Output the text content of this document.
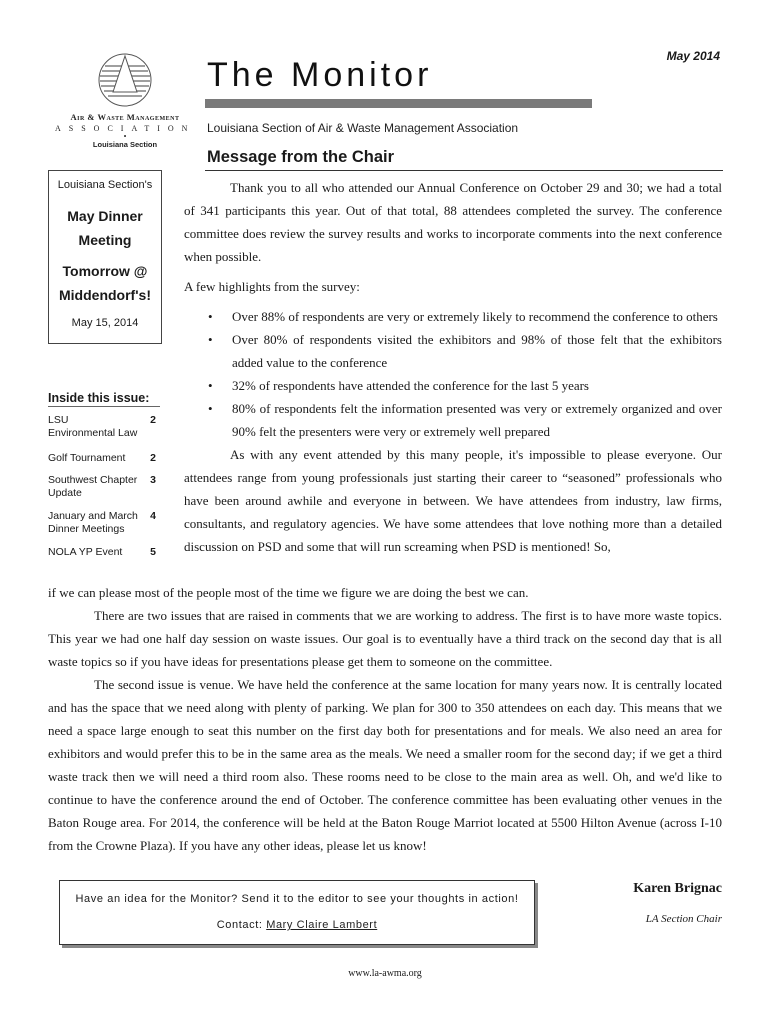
Air & Waste Management
ASSOCIATION
•
Louisiana Section
The Monitor
Louisiana Section of Air & Waste Management Association
May 2014
Message from the Chair
Louisiana Section's
May Dinner
Meeting
Tomorrow @
Middendorf's!
May 15, 2014
Inside this issue:
LSU Environmental Law
2
Golf Tournament 2
Southwest Chapter Update
3
January and March Dinner Meetings
4
NOLA YP Event	5

Thank you to all who attended our Annual Conference on October 29 and 30; we had a total of 341 participants this year. Out of that total, 88 attendees completed the survey. The conference committee does review the survey results and works to incorporate comments into the next conference when possible.

A few highlights from the survey:

• Over 88% of respondents are very or extremely likely to recommend the conference to others
• Over 80% of respondents visited the exhibitors and 98% of those felt that the exhibitors added value to the conference
• 32% of respondents have attended the conference for the last 5 years
• 80% of respondents felt the information presented was very or extremely organized and over 90% felt the presenters were very or extremely well prepared

As with any event attended by this many people, it's impossible to please everyone. Our attendees range from young professionals just starting their career to “seasoned” professionals who have been around awhile and everyone in between. We have attendees from industry, law firms, consultants, and regulatory agencies. We have some attendees that love nothing more than a detailed discussion on PSD and some that will run screaming when PSD is mentioned! So,

if we can please most of the people most of the time we figure we are doing the best we can.

There are two issues that are raised in comments that we are working to address. The first is to have more waste topics. This year we had one half day session on waste issues. Our goal is to eventually have a third track on the second day that is all waste topics so if you have ideas for presentations please get them to someone on the committee.

The second issue is venue. We have held the conference at the same location for many years now. It is centrally located and has the space that we need along with plenty of parking. We plan for 300 to 350 attendees on each day. This means that we need a space large enough to seat this number on the first day both for presentations and for meals. We also need an area for exhibitors and would prefer this to be in the same area as the meals. We need a smaller room for the second day; if we get a third waste track then we will need a third room also. These rooms need to be close to the main area as well. Oh, and we'd like to continue to have the conference around the end of October. The conference committee has been evaluating other venues in the Baton Rouge area. For 2014, the conference will be held at the Baton Rouge Marriot located at 5500 Hilton Avenue (across I-10 from the Crowne Plaza). If you have any other ideas, please let us know!

Have an idea for the Monitor? Send it to the editor to see your thoughts in action!
Contact: Mary Claire Lambert
Karen Brignac
LA Section Chair
www.la-awma.org
